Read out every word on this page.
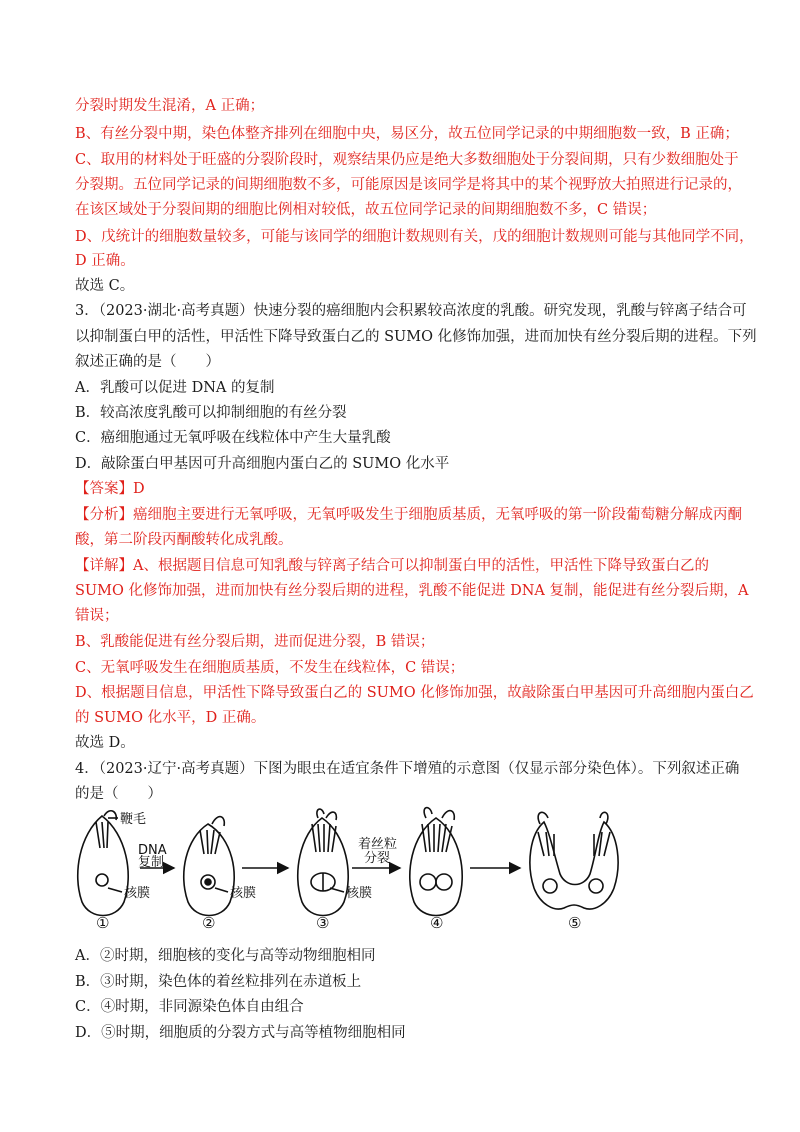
分裂时期发生混淆，A 正确；
B、有丝分裂中期，染色体整齐排列在细胞中央，易区分，故五位同学记录的中期细胞数一致，B 正确；
C、取用的材料处于旺盛的分裂阶段时，观察结果仍应是绝大多数细胞处于分裂间期，只有少数细胞处于
分裂期。五位同学记录的间期细胞数不多，可能原因是该同学是将其中的某个视野放大拍照进行记录的，
在该区域处于分裂间期的细胞比例相对较低，故五位同学记录的间期细胞数不多，C 错误；
D、戊统计的细胞数量较多，可能与该同学的细胞计数规则有关，戊的细胞计数规则可能与其他同学不同，
D 正确。
故选 C。
3．（2023·湖北·高考真题）快速分裂的癌细胞内会积累较高浓度的乳酸。研究发现，乳酸与锌离子结合可
以抑制蛋白甲的活性，甲活性下降导致蛋白乙的 SUMO 化修饰加强，进而加快有丝分裂后期的进程。下列
叙述正确的是（　　）
A．乳酸可以促进 DNA 的复制
B．较高浓度乳酸可以抑制细胞的有丝分裂
C．癌细胞通过无氧呼吸在线粒体中产生大量乳酸
D．敲除蛋白甲基因可升高细胞内蛋白乙的 SUMO 化水平
【答案】D
【分析】癌细胞主要进行无氧呼吸，无氧呼吸发生于细胞质基质，无氧呼吸的第一阶段葡萄糖分解成丙酮
酸，第二阶段丙酮酸转化成乳酸。
【详解】A、根据题目信息可知乳酸与锌离子结合可以抑制蛋白甲的活性，甲活性下降导致蛋白乙的
SUMO 化修饰加强，进而加快有丝分裂后期的进程，乳酸不能促进 DNA 复制，能促进有丝分裂后期，A
错误；
B、乳酸能促进有丝分裂后期，进而促进分裂，B 错误；
C、无氧呼吸发生在细胞质基质，不发生在线粒体，C 错误；
D、根据题目信息，甲活性下降导致蛋白乙的 SUMO 化修饰加强，故敲除蛋白甲基因可升高细胞内蛋白乙
的 SUMO 化水平，D 正确。
故选 D。
4．（2023·辽宁·高考真题）下图为眼虫在适宜条件下增殖的示意图（仅显示部分染色体）。下列叙述正确
的是（　　）
鞭毛
DNA
复制
核膜	核膜	核膜
着丝粒
分裂
①	②	③	④	⑤
A．②时期，细胞核的变化与高等动物细胞相同
B．③时期，染色体的着丝粒排列在赤道板上
C．④时期，非同源染色体自由组合
D．⑤时期，细胞质的分裂方式与高等植物细胞相同
